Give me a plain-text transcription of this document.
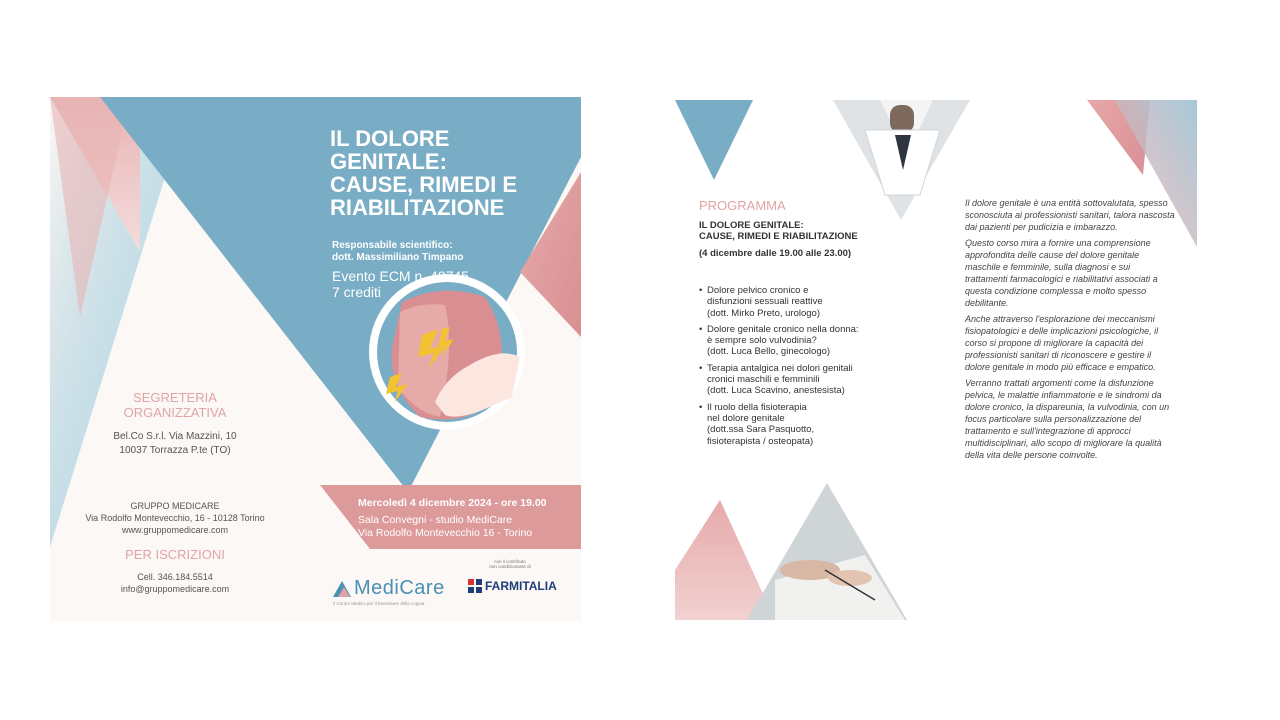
IL DOLORE
GENITALE:
CAUSE, RIMEDI E
RIABILITAZIONE
Responsabile scientifico:
dott. Massimiliano Timpano
Evento ECM n. 48745
7 crediti
SEGRETERIA
ORGANIZZATIVA
Bel.Co S.r.l. Via Mazzini, 10
10037 Torrazza P.te (TO)
GRUPPO MEDICARE
Via Rodolfo Montevecchio, 16 - 10128 Torino
www.gruppomedicare.com
PER ISCRIZIONI
Cell. 346.184.5514
info@gruppomedicare.com
Mercoledì 4 dicembre 2024 - ore 19.00
Sala Convegni - studio MediCare
Via Rodolfo Montevecchio 16 - Torino
MediCare
Il Centro Medico per il benessere della coppia
con il contributo
non condizionante di
FARMITALIA
PROGRAMMA
IL DOLORE GENITALE:
CAUSE, RIMEDI E RIABILITAZIONE
(4 dicembre dalle 19.00 alle 23.00)
• Dolore pelvico cronico e
disfunzioni sessuali reattive
(dott. Mirko Preto, urologo)
• Dolore genitale cronico nella donna:
è sempre solo vulvodinia?
(dott. Luca Bello, ginecologo)
• Terapia antalgica nei dolori genitali
cronici maschili e femminili
(dott. Luca Scavino, anestesista)
• Il ruolo della fisioterapia
nel dolore genitale
(dott.ssa Sara Pasquotto,
fisioterapista / osteopata)

Il dolore genitale è una entità sottovalutata, spesso sconosciuta ai professionisti sanitari, talora nascosta dai pazienti per pudicizia e imbarazzo.

Questo corso mira a fornire una comprensione approfondita delle cause del dolore genitale maschile e femminile, sulla diagnosi e sui trattamenti farmacologici e riabilitativi associati a questa condizione complessa e molto spesso debilitante.

Anche attraverso l'esplorazione dei meccanismi fisiopatologici e delle implicazioni psicologiche, il corso si propone di migliorare la capacità dei professionisti sanitari di riconoscere e gestire il dolore genitale in modo più efficace e empatico.

Verranno trattati argomenti come la disfunzione pelvica, le malattie infiammatorie e le sindromi da dolore cronico, la dispareunia, la vulvodinia, con un focus particolare sulla personalizzazione del trattamento e sull'integrazione di approcci multidisciplinari, allo scopo di migliorare la qualità della vita delle persone coinvolte.
